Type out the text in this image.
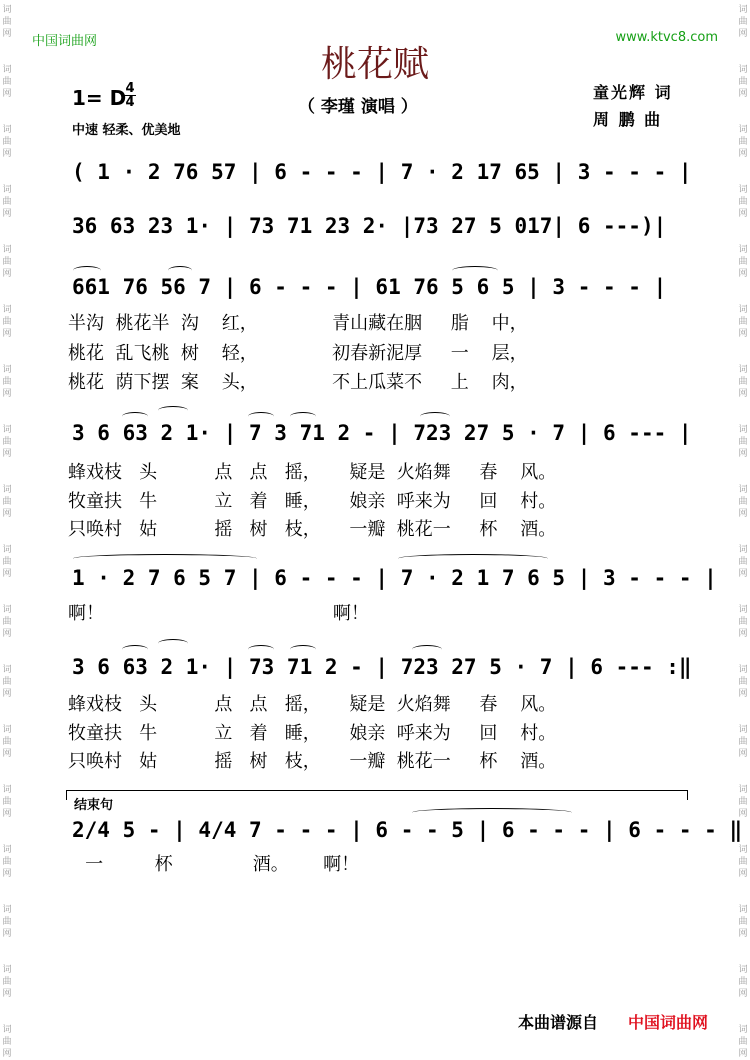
词
曲
网
词
曲
网
词
曲
网
词
曲
网
词
曲
网
词
曲
网
词
曲
网
词
曲
网
词
曲
网
词
曲
网
词
曲
网
词
曲
网
词
曲
网
词
曲
网
词
曲
网
词
曲
网
词
曲
网
词
曲
网
词
曲
网
词
曲
网
词
曲
网
词
曲
网
词
曲
网
词
曲
网
词
曲
网
词
曲
网
词
曲
网
词
曲
网
词
曲
网
词
曲
网
词
曲
网
词
曲
网
词
曲
网
词
曲
网
词
曲
网
词
曲
网
中国词曲网	www.ktvc8.com
桃花赋
（ 李瑾 演唱 ）
1= D 4
4
中速 轻柔、优美地
童光辉 词
周 鹏 曲
( 1 · 2 76 57 | 6 - - - | 7 · 2 17 65 | 3 - - - |
36 63 23 1· | 73 71 23 2· |73 27 5 017| 6 ---)|
661 76 56 7 | 6 - - - | 61 76 5 6 5 | 3 - - - |
半沟  桃花半  沟    红，             青山藏在胭     脂    中，
桃花  乱飞桃  树    轻，             初春新泥厚     一    层，
桃花  荫下摆  案    头，             不上瓜菜不     上    肉，
3 6 63 2 1· | 7 3 71 2 - | 723 27 5 · 7 | 6 --- |
蜂戏枝   头          点   点   摇，     疑是  火焰舞     春    风。
牧童扶   牛          立   着   睡，     娘亲  呼来为     回    村。
只唤村   姑          摇   树   枝，     一瓣  桃花一     杯    酒。
1 · 2 7 6 5 7 | 6 - - - | 7 · 2 1 7 6 5 | 3 - - - |
啊！                                        啊！
3 6 63 2 1· | 73 71 2 - | 723 27 5 · 7 | 6 --- :‖
蜂戏枝   头          点   点   摇，     疑是  火焰舞     春    风。
牧童扶   牛          立   着   睡，     娘亲  呼来为     回    村。
只唤村   姑          摇   树   枝，     一瓣  桃花一     杯    酒。
结束句
2/4 5 - | 4/4 7 - - - | 6 - - 5 | 6 - - - | 6 - - - ‖
一         杯              酒。      啊！
本曲谱源自 中国词曲网
